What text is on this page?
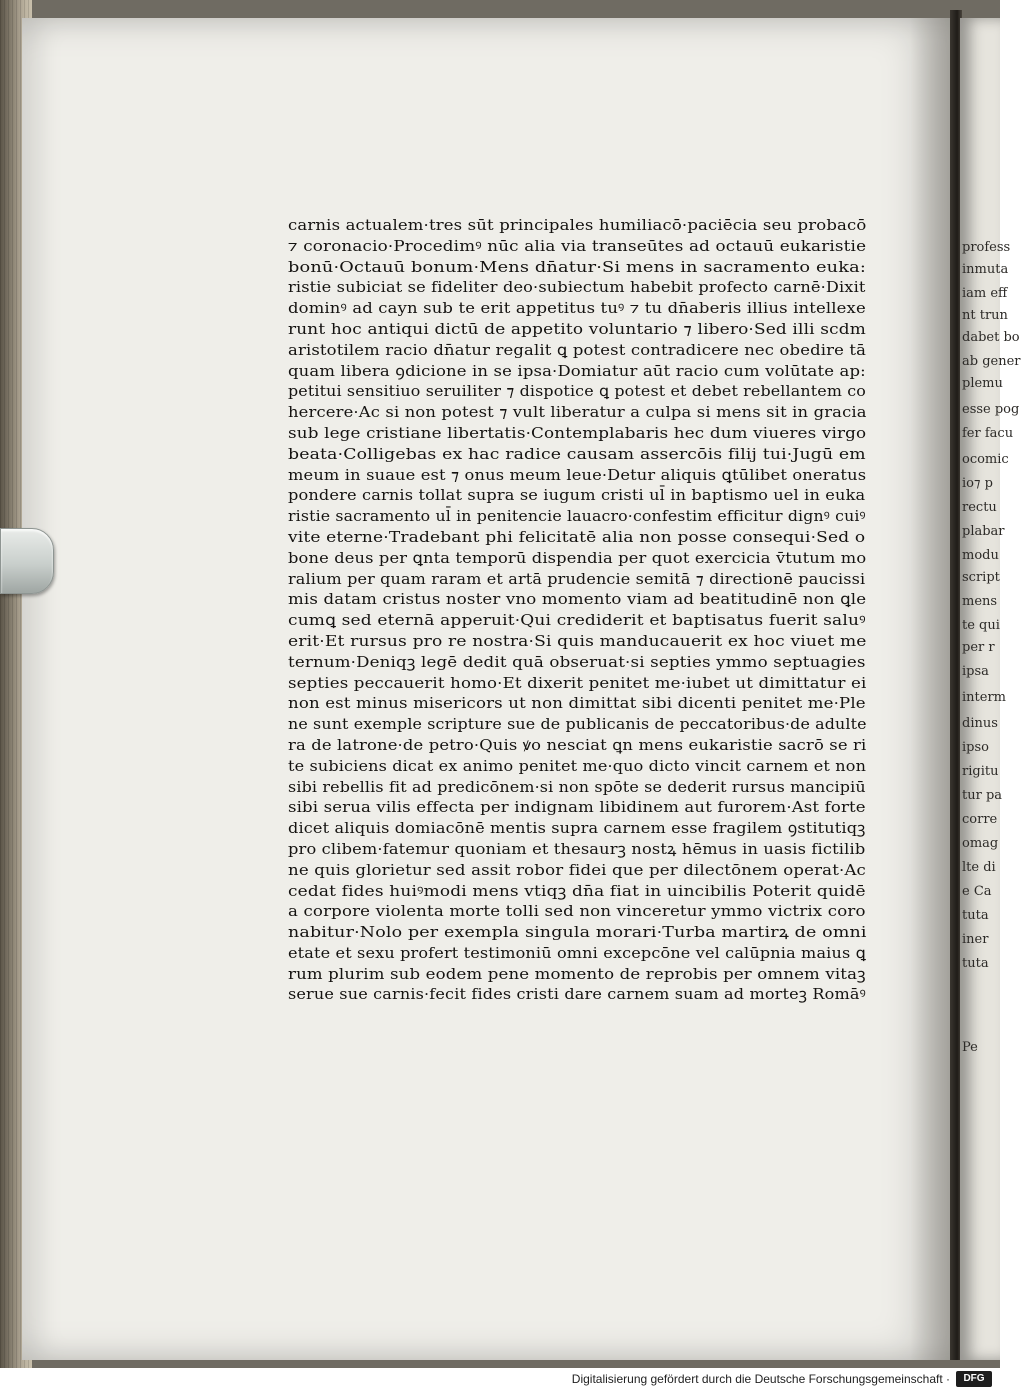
profess
inmuta
iam eff
nt trun
dabet bo
ab gener
plemu
esse pog
fer facu
ocomic
io⁊ p
rectu
plabar
modu
script
mens
te qui
per r
ipsa
interm
dinus
ipso
rigitu
tur pa
corre
omag
lte di
e Ca
tuta
iner
tuta
Pe
carnis actualem·tres sūt principales humiliacō·paciēcia seu probacō
⁊ coronacio·Procedimꝰ nūc alia via transeūtes ad octauū eukaristie
bonū·Octauū bonum·Mens dn̄atur·Si mens in sacramento euka:
ristie subiciat se fideliter deo·subiectum habebit profecto carnē·Dixit
dominꝰ ad cayn sub te erit appetitus tuꝰ ⁊ tu dn̄aberis illius intellexe
runt hoc antiqui dictū de appetito voluntario ⁊ libero·Sed illi scdm
aristotilem racio dn̄atur regalit ꝗ potest contradicere nec obedire tā
quam libera ꝯdicione in se ipsa·Domiatur aūt racio cum volūtate ap:
petitui sensitiuo seruiliter ⁊ dispotice ꝗ potest et debet rebellantem co
hercere·Ac si non potest ⁊ vult liberatur a culpa si mens sit in gracia
sub lege cristiane libertatis·Contemplabaris hec dum viueres virgo
beata·Colligebas ex hac radice causam assercōis filij tui·Jugū em
meum in suaue est ⁊ onus meum leue·Detur aliquis ꝗtūlibet oneratus
pondere carnis tollat supra se iugum cristi ul̄ in baptismo uel in euka
ristie sacramento ul̄ in penitencie lauacro·confestim efficitur dignꝰ cuiꝰ
vite eterne·Tradebant phi felicitatē alia non posse consequi·Sed o
bone deus per ꝗnta temporū dispendia per quot exercicia v̄tutum mo
ralium per quam raram et artā prudencie semitā ⁊ directionē paucissi
mis datam cristus noster vno momento viam ad beatitudinē non ꝗle
cumꝗ sed eternā apperuit·Qui crediderit et baptisatus fuerit saluꝰ
erit·Et rursus pro re nostra·Si quis manducauerit ex hoc viuet me
ternum·Deniqꝫ legē dedit quā obseruat·si septies ymmo septuagies
septies peccauerit homo·Et dixerit penitet me·iubet ut dimittatur ei
non est minus misericors ut non dimittat sibi dicenti penitet me·Ple
ne sunt exemple scripture sue de publicanis de peccatoribus·de adulte
ra de latrone·de petro·Quis ꝟo nesciat ꝗn mens eukaristie sacrō se ri
te subiciens dicat ex animo penitet me·quo dicto vincit carnem et non
sibi rebellis fit ad predicōnem·si non spōte se dederit rursus mancipiū
sibi serua vilis effecta per indignam libidinem aut furorem·Ast forte
dicet aliquis domiacōnē mentis supra carnem esse fragilem ꝯstitutiqꝫ
pro clibem·fatemur quoniam et thesaurꝫ nostꝝ hēmus in uasis fictilib
ne quis glorietur sed assit robor fidei que per dilectōnem operat·Ac
cedat fides huiꝰmodi mens vtiqꝫ dn̄a fiat in uincibilis Poterit quidē
a corpore violenta morte tolli sed non vinceretur ymmo victrix coro
nabitur·Nolo per exempla singula morari·Turba martirꝝ de omni
etate et sexu profert testimoniū omni excepcōne vel calūpnia maius ꝗ
rum plurim sub eodem pene momento de reprobis per omnem vitaꝫ
serue sue carnis·fecit fides cristi dare carnem suam ad morteꝫ Romāꝰ
Digitalisierung gefördert durch die Deutsche Forschungsgemeinschaft ·	DFG
